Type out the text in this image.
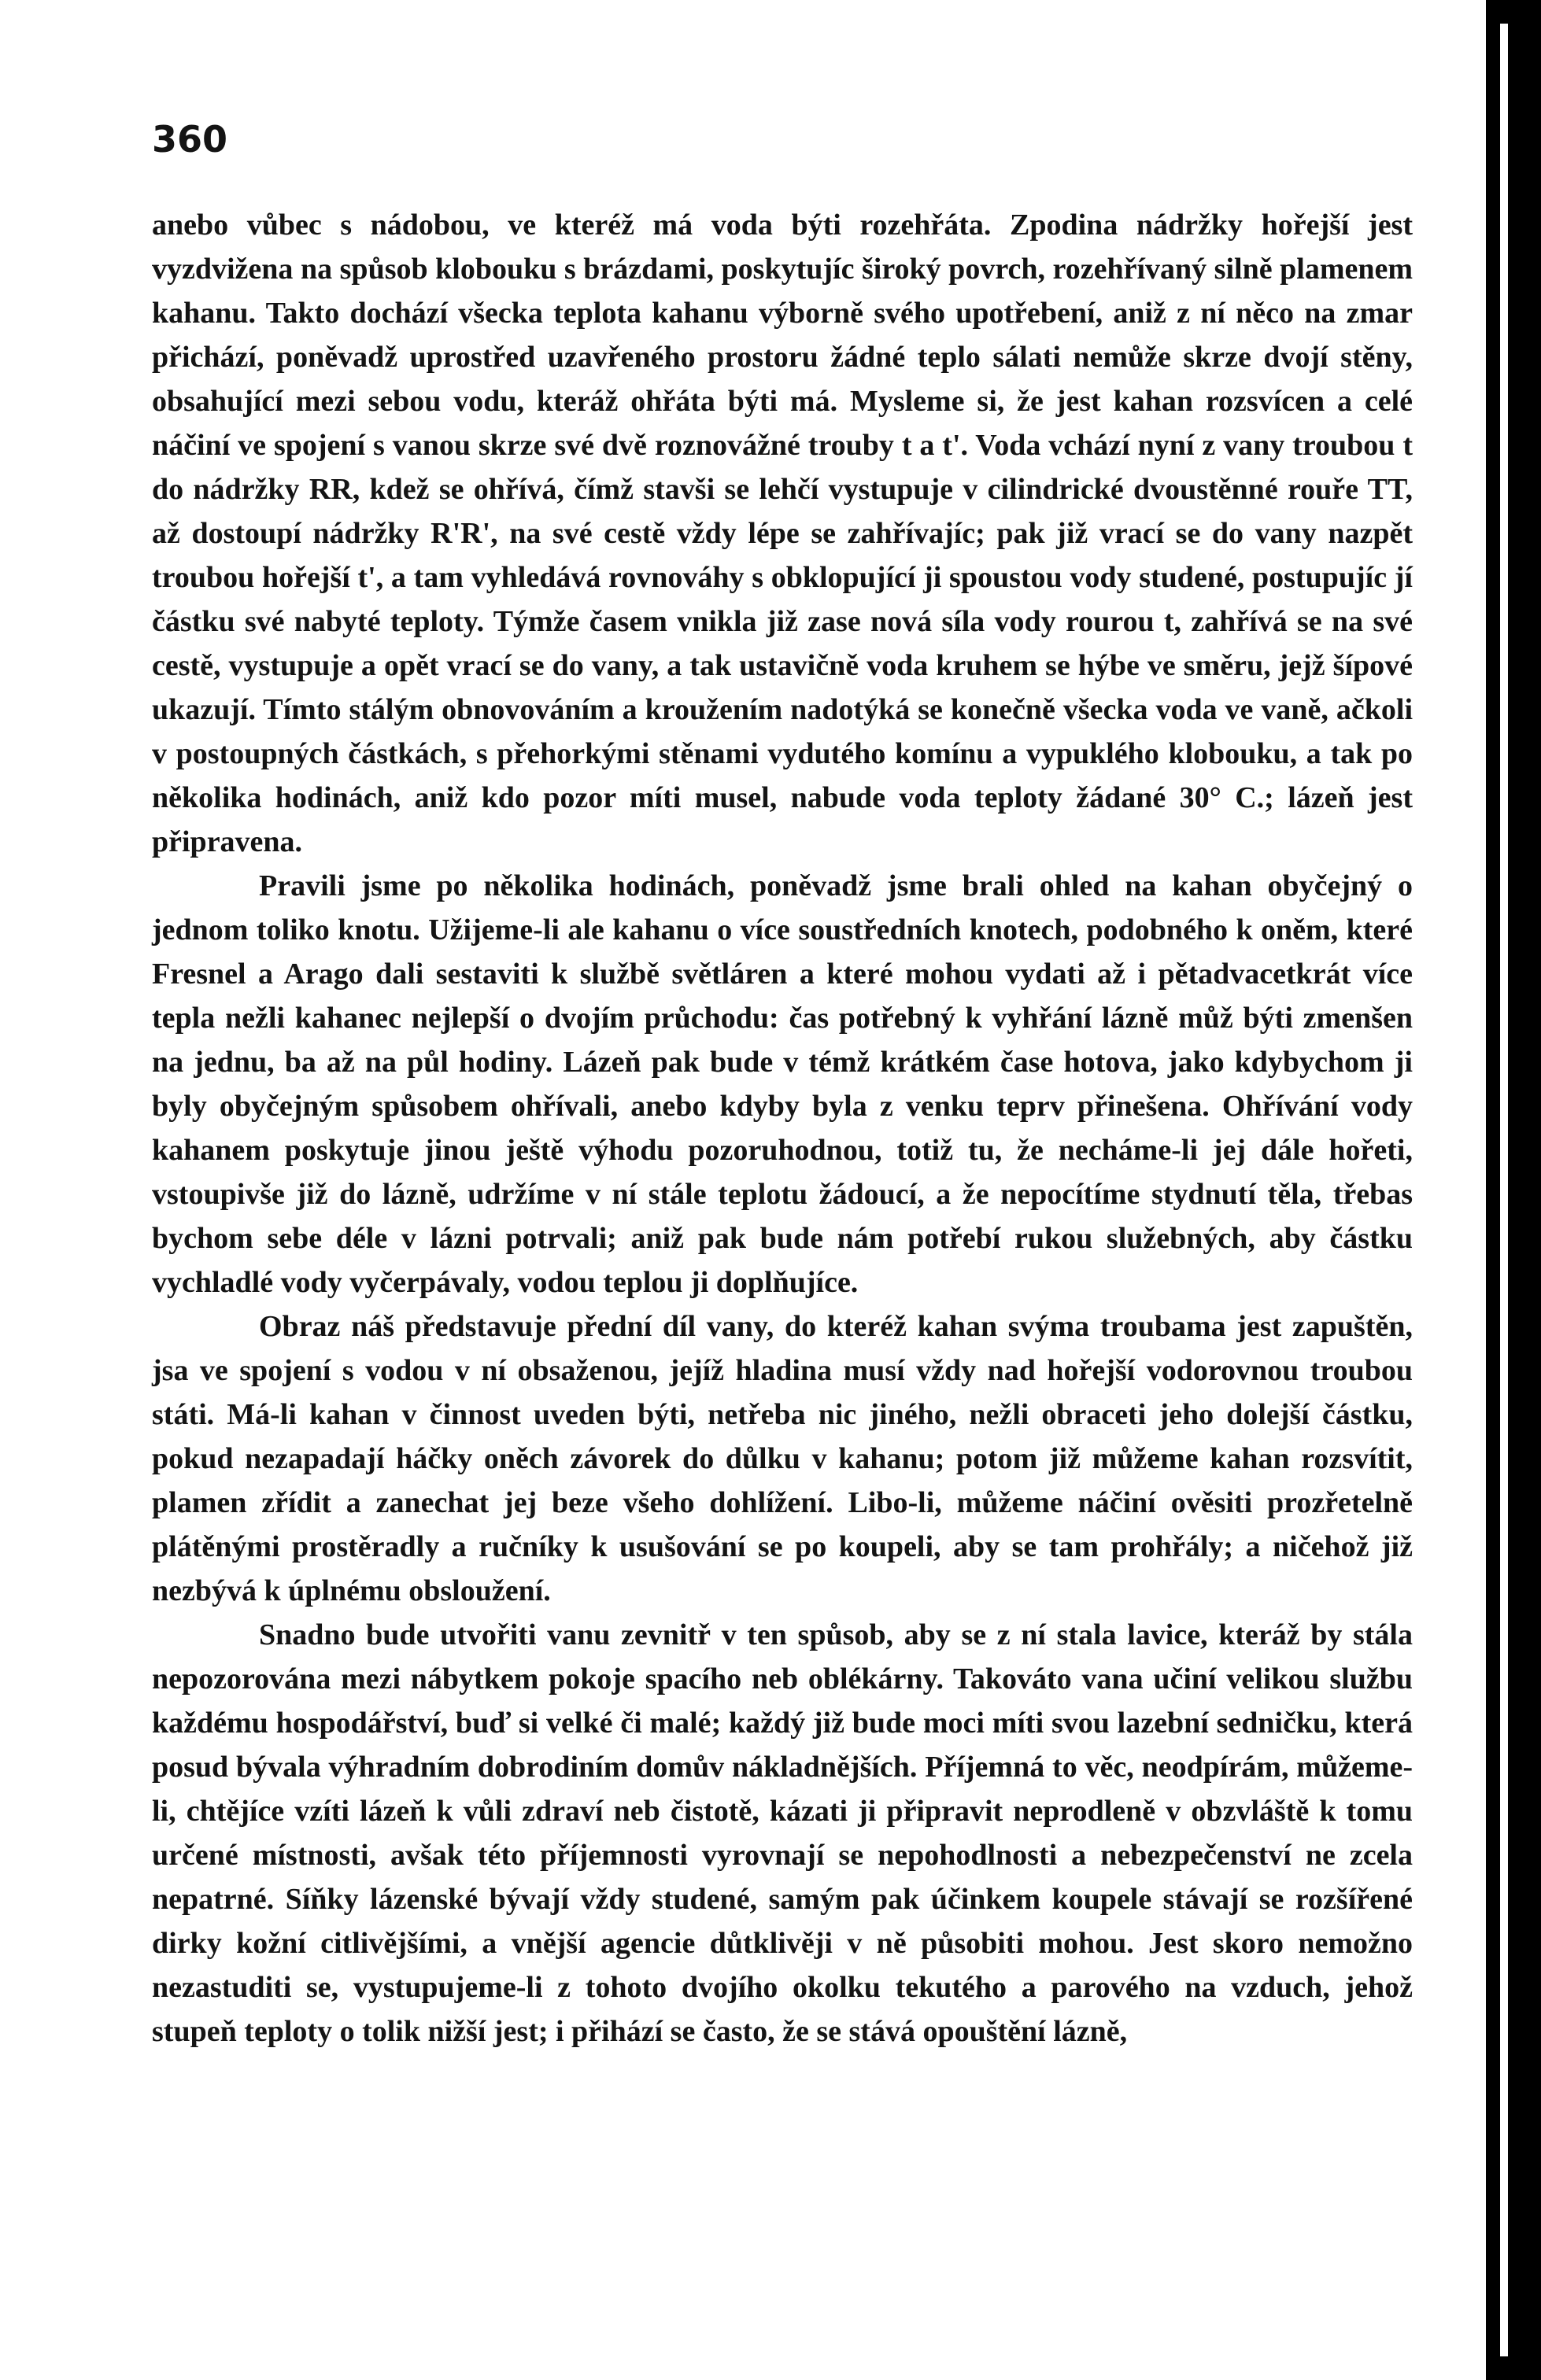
360

anebo vůbec s nádobou, ve kteréž má voda býti rozehřáta. Zpodina nádržky hořejší jest vyzdvižena na spůsob klobouku s brázdami, poskytujíc široký povrch, rozehřívaný silně plamenem kahanu. Takto dochází všecka teplota kahanu výborně svého upotřebení, aniž z ní něco na zmar přichází, poněvadž uprostřed uzavřeného prostoru žádné teplo sálati nemůže skrze dvojí stěny, obsahující mezi sebou vodu, kteráž ohřáta býti má. Mysleme si, že jest kahan rozsvícen a celé náčiní ve spojení s vanou skrze své dvě roznovážné trouby t a t'. Voda vchází nyní z vany troubou t do nádržky RR, kdež se ohřívá, čímž stavši se lehčí vystupuje v cilindrické dvoustěnné rouře TT, až dostoupí nádržky R'R', na své cestě vždy lépe se zahřívajíc; pak již vrací se do vany nazpět troubou hořejší t', a tam vyhledává rovnováhy s obklopující ji spoustou vody studené, postupujíc jí částku své nabyté teploty. Týmže časem vnikla již zase nová síla vody rourou t, zahřívá se na své cestě, vystupuje a opět vrací se do vany, a tak ustavičně voda kruhem se hýbe ve směru, jejž šípové ukazují. Tímto stálým obnovováním a kroužením nadotýká se konečně všecka voda ve vaně, ačkoli v postoupných částkách, s přehorkými stěnami vydutého komínu a vypuklého klobouku, a tak po několika hodinách, aniž kdo pozor míti musel, nabude voda teploty žádané 30° C.; lázeň jest připravena.

Pravili jsme po několika hodinách, poněvadž jsme brali ohled na kahan obyčejný o jednom toliko knotu. Užijeme-li ale kahanu o více soustředních knotech, podobného k oněm, které Fresnel a Arago dali sestaviti k službě světláren a které mohou vydati až i pětadvacetkrát více tepla nežli kahanec nejlepší o dvojím průchodu: čas potřebný k vyhřání lázně můž býti zmenšen na jednu, ba až na půl hodiny. Lázeň pak bude v témž krátkém čase hotova, jako kdybychom ji byly obyčejným spůsobem ohřívali, anebo kdyby byla z venku teprv přinešena. Ohřívání vody kahanem poskytuje jinou ještě výhodu pozoruhodnou, totiž tu, že necháme-li jej dále hořeti, vstoupivše již do lázně, udržíme v ní stále teplotu žádoucí, a že nepocítíme stydnutí těla, třebas bychom sebe déle v lázni potrvali; aniž pak bude nám potřebí rukou služebných, aby částku vychladlé vody vyčerpávaly, vodou teplou ji doplňujíce.

Obraz náš představuje přední díl vany, do kteréž kahan svýma troubama jest zapuštěn, jsa ve spojení s vodou v ní obsaženou, jejíž hladina musí vždy nad hořejší vodorovnou troubou státi. Má-li kahan v činnost uveden býti, netřeba nic jiného, nežli obraceti jeho dolejší částku, pokud nezapadají háčky oněch závorek do důlku v kahanu; potom již můžeme kahan rozsvítit, plamen zřídit a zanechat jej beze všeho dohlížení. Libo-li, můžeme náčiní ověsiti prozřetelně plátěnými prostěradly a ručníky k usušování se po koupeli, aby se tam prohřály; a ničehož již nezbývá k úplnému obsloužení.

Snadno bude utvořiti vanu zevnitř v ten spůsob, aby se z ní stala lavice, kteráž by stála nepozorována mezi nábytkem pokoje spacího neb oblékárny. Takováto vana učiní velikou službu každému hospodářství, buď si velké či malé; každý již bude moci míti svou lazební sedničku, která posud bývala výhradním dobrodiním domův nákladnějších. Příjemná to věc, neodpírám, můžeme-li, chtějíce vzíti lázeň k vůli zdraví neb čistotě, kázati ji připravit neprodleně v obzvláště k tomu určené místnosti, avšak této příjemnosti vyrovnají se nepohodlnosti a nebezpečenství ne zcela nepatrné. Síňky lázenské bývají vždy studené, samým pak účinkem koupele stávají se rozšířené dirky kožní citlivějšími, a vnější agencie důtklivěji v ně působiti mohou. Jest skoro nemožno nezastuditi se, vystupujeme-li z tohoto dvojího okolku tekutého a parového na vzduch, jehož stupeň teploty o tolik nižší jest; i přihází se často, že se stává opouštění lázně,
